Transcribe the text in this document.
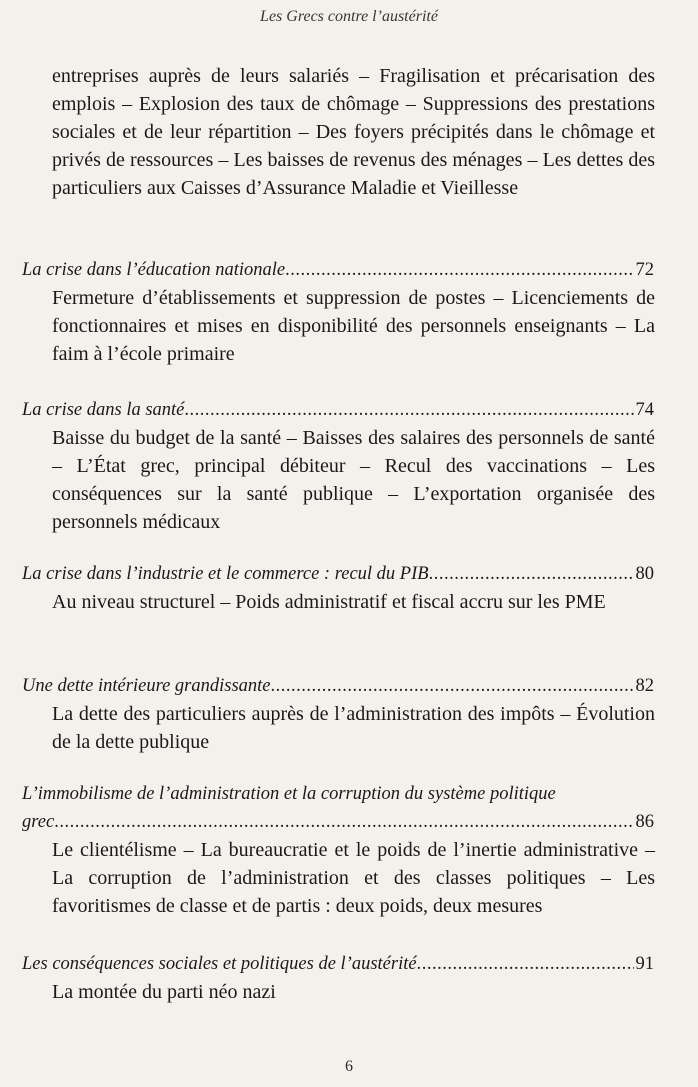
Les Grecs contre l’austérité
entreprises auprès de leurs salariés – Fragilisation et précarisation des emplois – Explosion des taux de chômage – Suppressions des prestations sociales et de leur répartition – Des foyers précipités dans le chômage et privés de ressources – Les baisses de revenus des ménages – Les dettes des particuliers aux Caisses d’Assurance Maladie et Vieillesse
La crise dans l’éducation nationale .....	72
Fermeture d’établissements et suppression de postes – Licenciements de fonctionnaires et mises en disponibilité des personnels enseignants – La faim à l’école primaire
La crise dans la santé .....	74
Baisse du budget de la santé – Baisses des salaires des personnels de santé – L’État grec, principal débiteur – Recul des vaccinations – Les conséquences sur la santé publique – L’exportation organisée des personnels médicaux
La crise dans l’industrie et le commerce : recul du PIB .....	80
Au niveau structurel – Poids administratif et fiscal accru sur les PME
Une dette intérieure grandissante .....	82
La dette des particuliers auprès de l’administration des impôts – Évolution de la dette publique
L’immobilisme de l’administration et la corruption du système politique
grec .....	86
Le clientélisme – La bureaucratie et le poids de l’inertie administrative – La corruption de l’administration et des classes politiques – Les favoritismes de classe et de partis : deux poids, deux mesures
Les conséquences sociales et politiques de l’austérité .....	91
La montée du parti néo nazi
6
